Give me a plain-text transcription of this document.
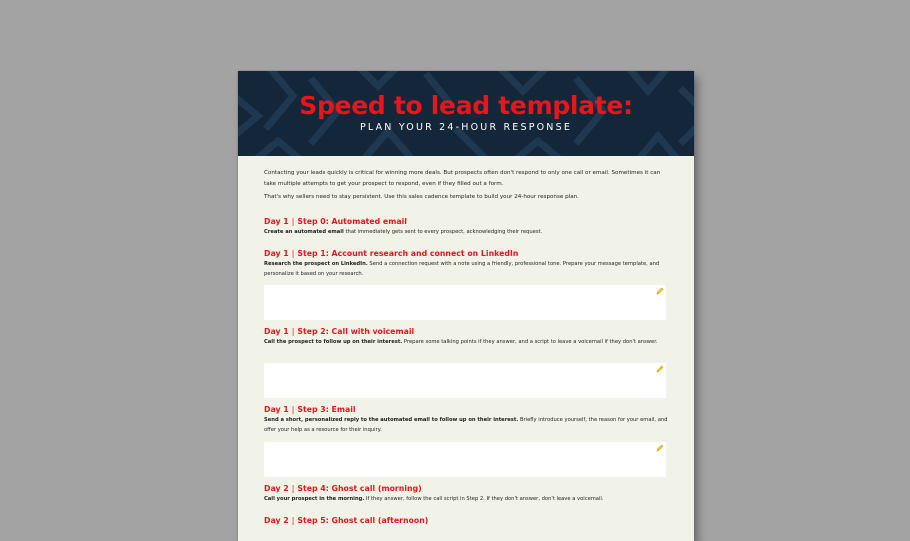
Speed to lead template:
PLAN YOUR 24-HOUR RESPONSE

Contacting your leads quickly is critical for winning more deals. But prospects often don't respond to only one call or email. Sometimes it can take multiple attempts to get your prospect to respond, even if they filled out a form.

That's why sellers need to stay persistent. Use this sales cadence template to build your 24-hour response plan.

Day 1 | Step 0: Automated email
Create an automated email that immediately gets sent to every prospect, acknowledging their request.
Day 1 | Step 1: Account research and connect on LinkedIn
Research the prospect on LinkedIn. Send a connection request with a note using a friendly, professional tone. Prepare your message template, and personalize it based on your research.
Day 1 | Step 2: Call with voicemail
Call the prospect to follow up on their interest. Prepare some talking points if they answer, and a script to leave a voicemail if they don't answer.
Day 1 | Step 3: Email
Send a short, personalized reply to the automated email to follow up on their interest. Briefly introduce yourself, the reason for your email, and offer your help as a resource for their inquiry.
Day 2 | Step 4: Ghost call (morning)
Call your prospect in the morning. If they answer, follow the call script in Step 2. If they don't answer, don't leave a voicemail.
Day 2 | Step 5: Ghost call (afternoon)
